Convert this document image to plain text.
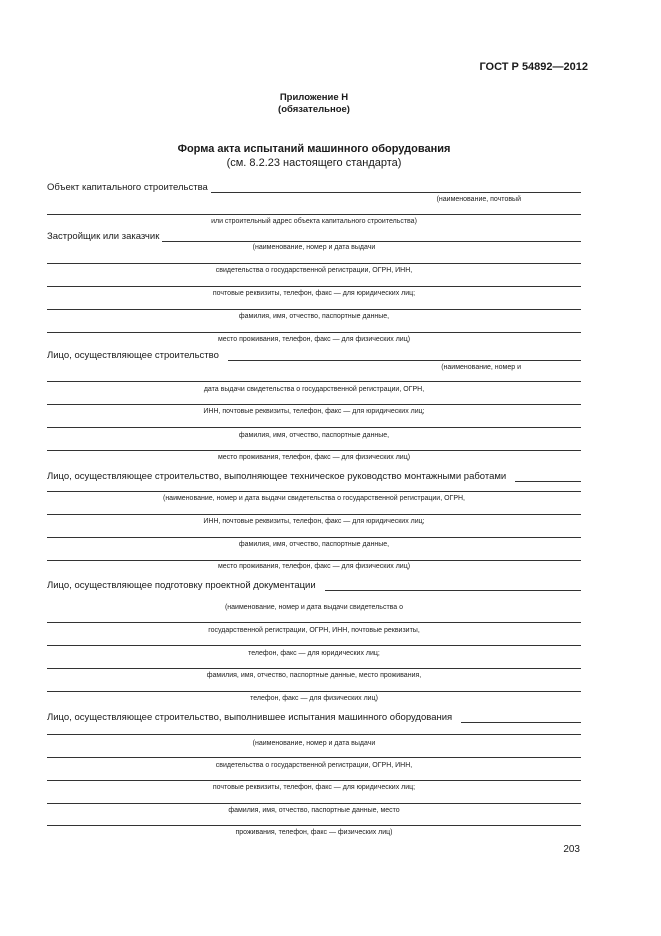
ГОСТ Р 54892—2012
Приложение Н
(обязательное)
Форма акта испытаний машинного оборудования
(см. 8.2.23 настоящего стандарта)
Объект капитального строительства
(наименование, почтовый
или строительный адрес объекта капитального строительства)
Застройщик или заказчик
(наименование, номер и дата выдачи
свидетельства о государственной регистрации, ОГРН, ИНН,
почтовые реквизиты, телефон, факс — для юридических лиц;
фамилия, имя, отчество, паспортные данные,
место проживания, телефон, факс — для физических лиц)
Лицо, осуществляющее строительство
(наименование, номер и
дата выдачи свидетельства о государственной регистрации, ОГРН,
ИНН, почтовые реквизиты, телефон, факс — для юридических лиц;
фамилия, имя, отчество, паспортные данные,
место проживания, телефон, факс — для физических лиц)
Лицо, осуществляющее строительство, выполняющее техническое руководство монтажными работами
(наименование, номер и дата выдачи свидетельства о государственной регистрации, ОГРН,
ИНН, почтовые реквизиты, телефон, факс — для юридических лиц;
фамилия, имя, отчество, паспортные данные,
место проживания, телефон, факс — для физических лиц)
Лицо, осуществляющее подготовку проектной документации
(наименование, номер и дата выдачи свидетельства о
государственной регистрации, ОГРН, ИНН, почтовые реквизиты,
телефон, факс — для юридических лиц;
фамилия, имя, отчество, паспортные данные, место проживания,
телефон, факс — для физических лиц)
Лицо, осуществляющее строительство, выполнившее испытания машинного оборудования
(наименование, номер и дата выдачи
свидетельства о государственной регистрации, ОГРН, ИНН,
почтовые реквизиты, телефон, факс — для юридических лиц;
фамилия, имя, отчество, паспортные данные, место
проживания, телефон, факс — физических лиц)
203
